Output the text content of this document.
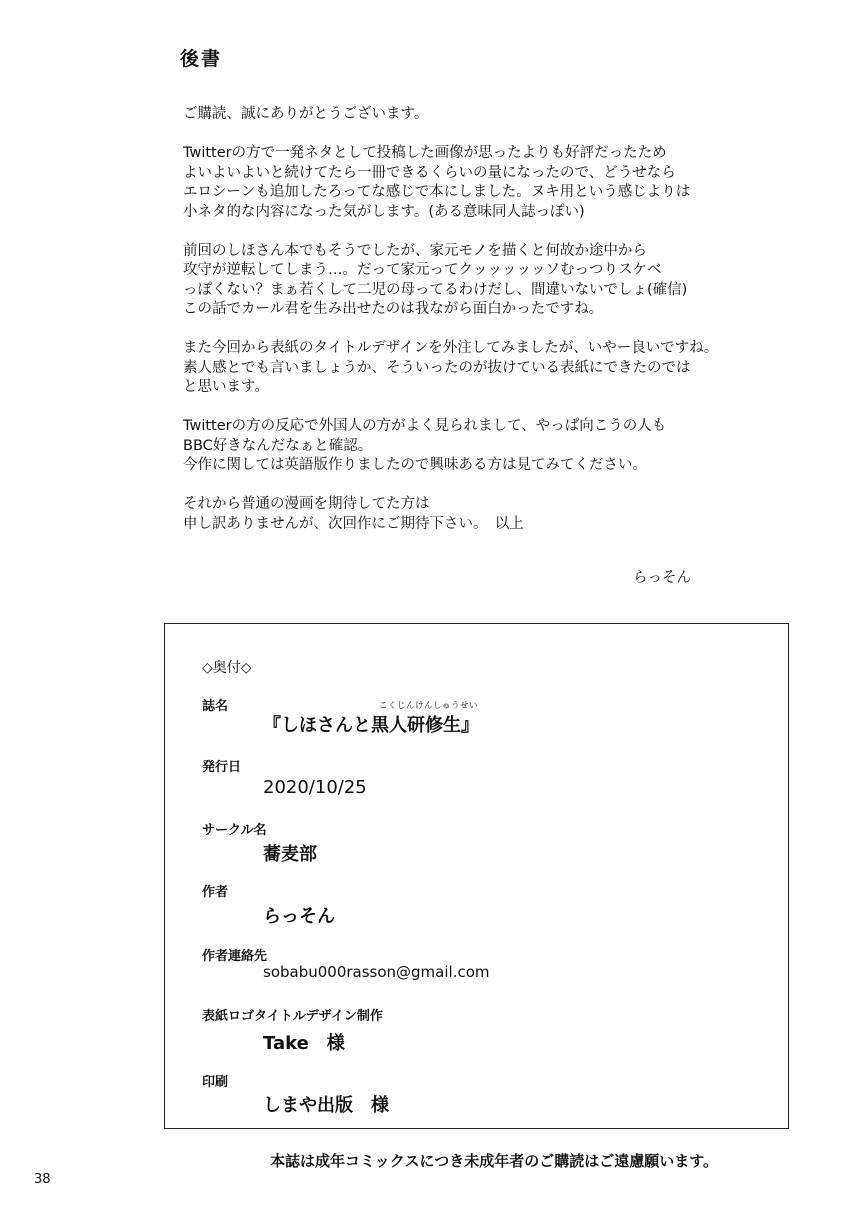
後書

ご購読、誠にありがとうございます。

Twitterの方で一発ネタとして投稿した画像が思ったよりも好評だったため
よいよいよいと続けてたら一冊できるくらいの量になったので、どうせなら
エロシーンも追加したろってな感じで本にしました。ヌキ用という感じよりは
小ネタ的な内容になった気がします。(ある意味同人誌っぽい)

前回のしほさん本でもそうでしたが、家元モノを描くと何故か途中から
攻守が逆転してしまう…。だって家元ってクッッッッッソむっつりスケベ
っぽくない？まぁ若くして二児の母ってるわけだし、間違いないでしょ(確信)
この話でカール君を生み出せたのは我ながら面白かったですね。

また今回から表紙のタイトルデザインを外注してみましたが、いやー良いですね。
素人感とでも言いましょうか、そういったのが抜けている表紙にできたのでは
と思います。

Twitterの方の反応で外国人の方がよく見られまして、やっぱ向こうの人も
BBC好きなんだなぁと確認。
今作に関しては英語版作りましたので興味ある方は見てみてください。

それから普通の漫画を期待してた方は
申し訳ありませんが、次回作にご期待下さい。　以上

らっそん
◇奥付◇
誌名	こくじんけんしゅうせい
『しほさんと黒人研修生』
発行日
2020/10/25
サークル名
蕎麦部
作者
らっそん
作者連絡先
sobabu000rasson@gmail.com
表紙ロゴタイトルデザイン制作
Take　様
印刷
しまや出版　様
本誌は成年コミックスにつき未成年者のご購読はご遠慮願います。
38
